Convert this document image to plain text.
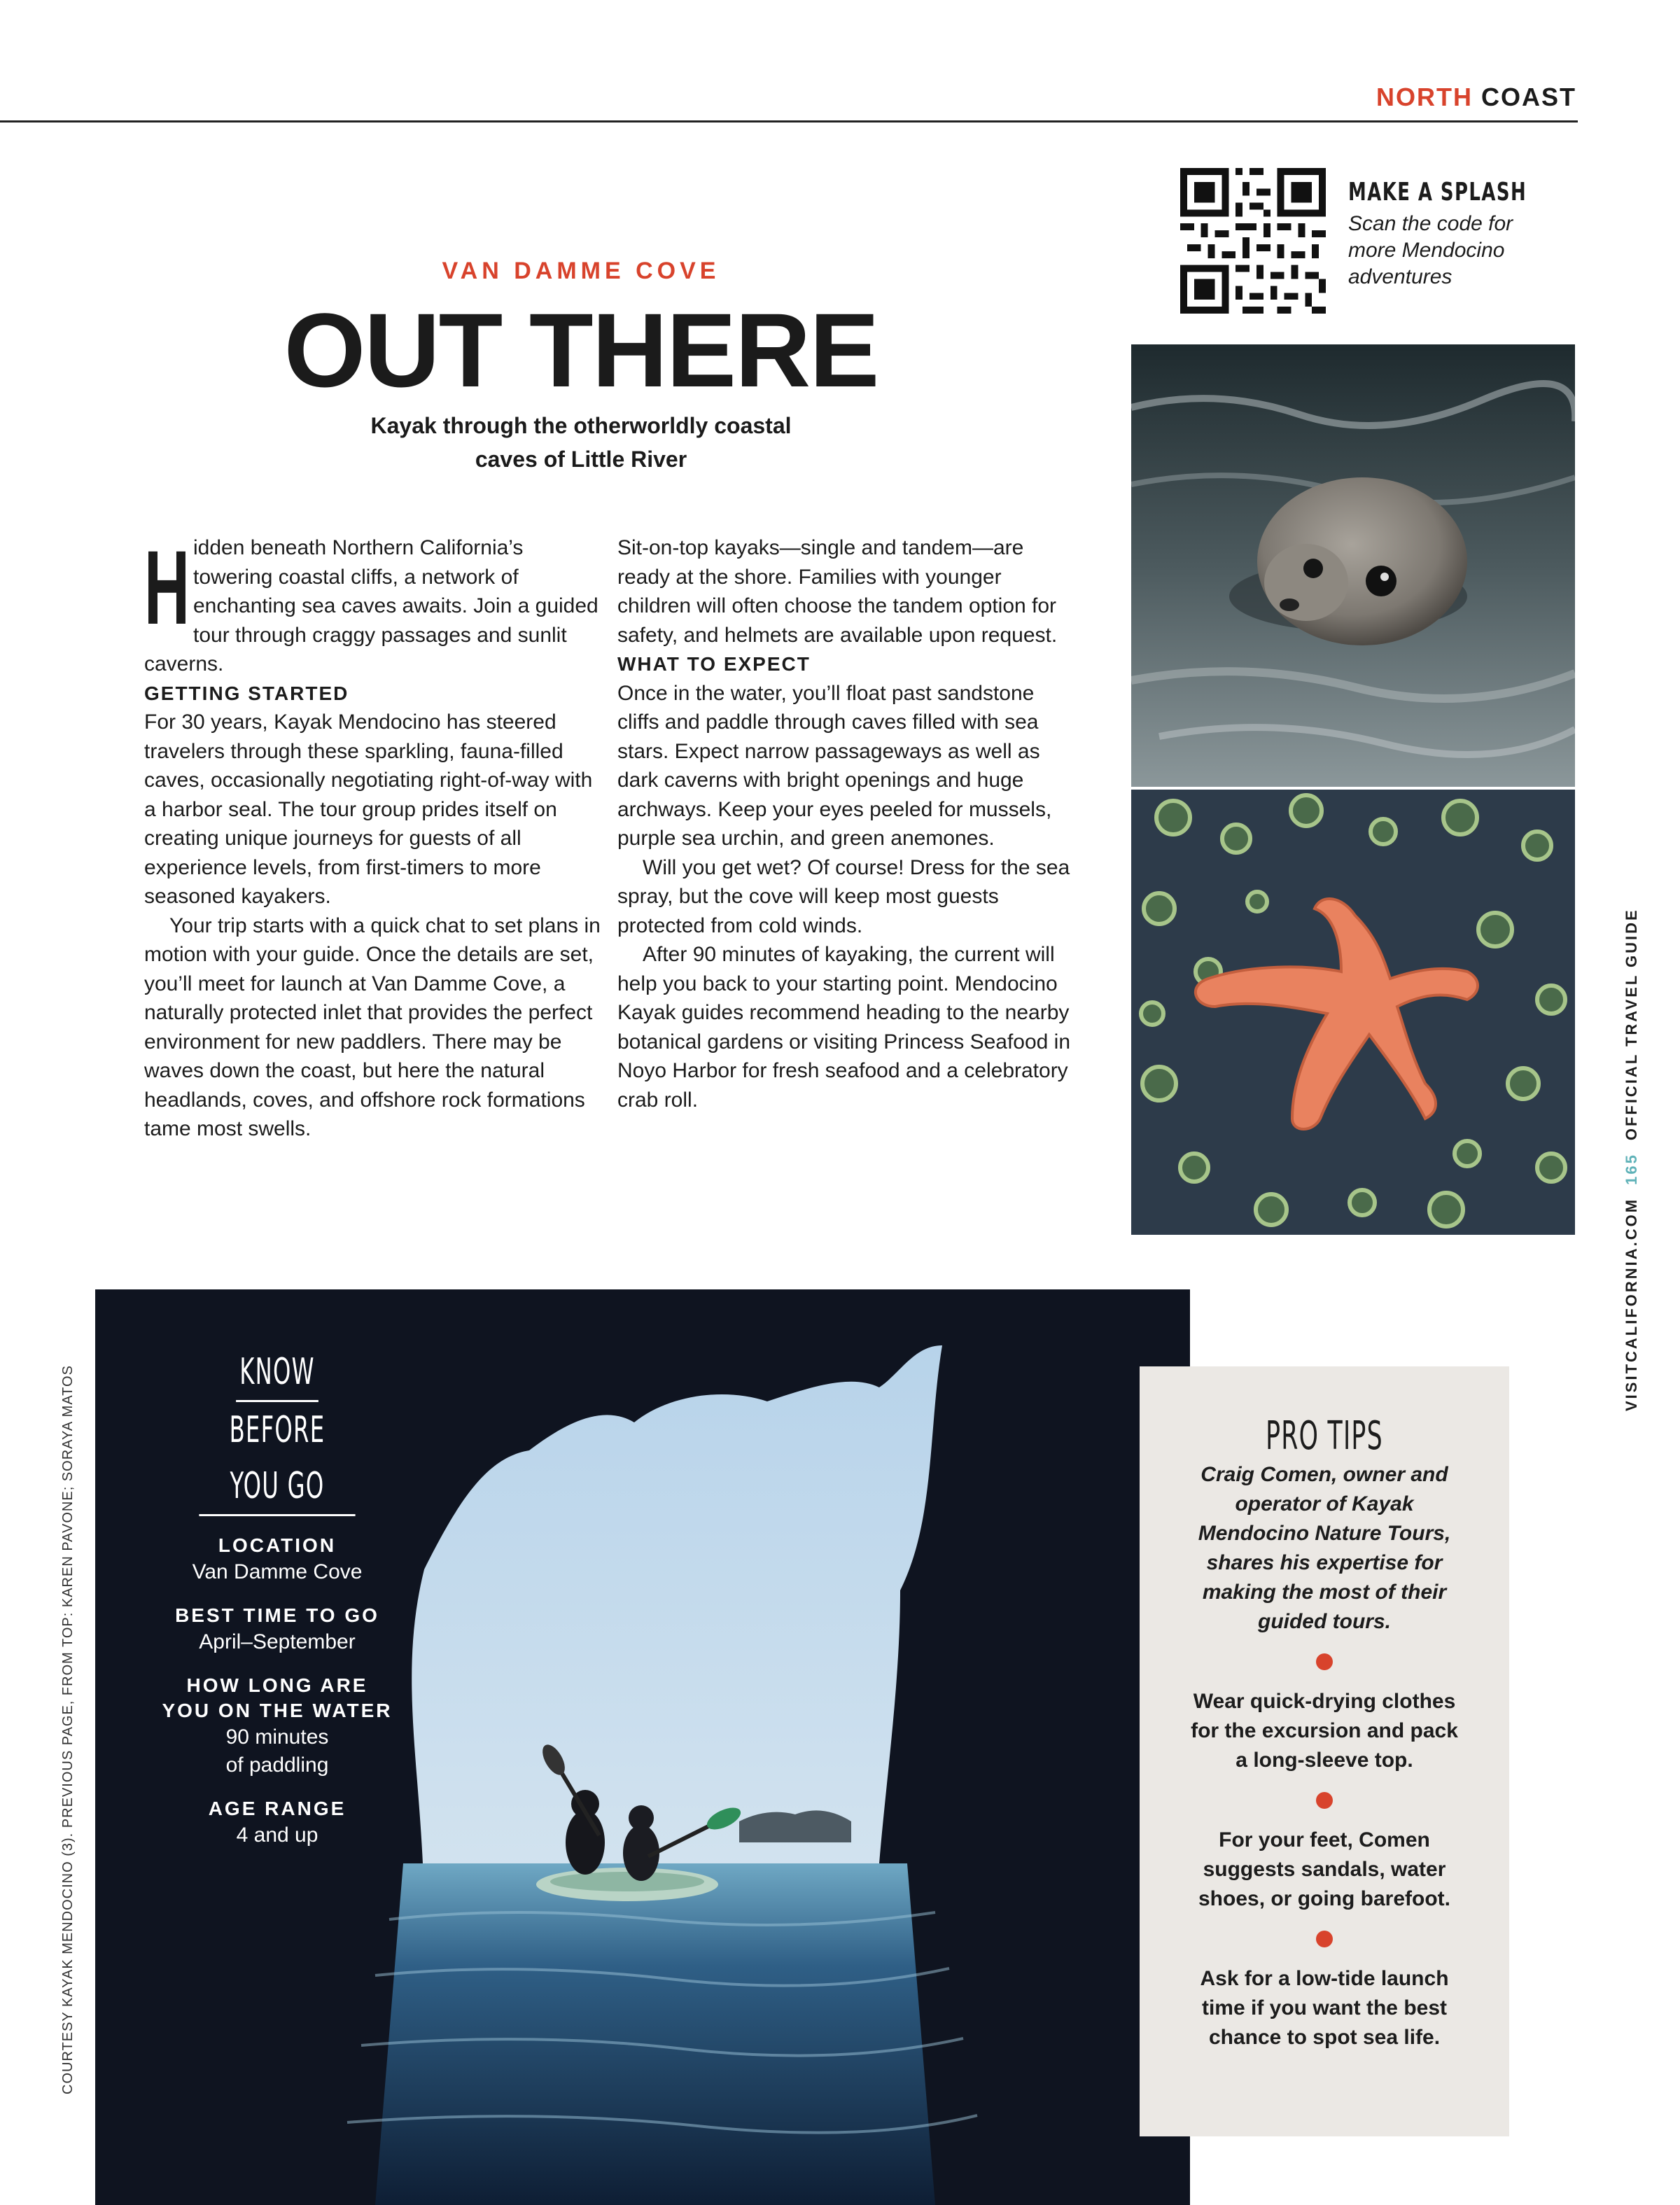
NORTH COAST
MAKE A SPLASH
Scan the code for more Mendocino adventures
VAN DAMME COVE
OUT THERE
Kayak through the otherworldly coastal
caves of Little River

Hidden beneath Northern California’s towering coastal cliffs, a network of enchanting sea caves awaits. Join a guided tour through craggy passages and sunlit caverns.

GETTING STARTED

For 30 years, Kayak Mendocino has steered travelers through these sparkling, fauna-filled caves, occasionally negotiating right-of-way with a harbor seal. The tour group prides itself on creating unique journeys for guests of all experience levels, from first-timers to more seasoned kayakers.

Your trip starts with a quick chat to set plans in motion with your guide. Once the details are set, you’ll meet for launch at Van Damme Cove, a naturally protected inlet that provides the perfect environment for new paddlers. There may be waves down the coast, but here the natural headlands, coves, and offshore rock formations tame most swells.

Sit-on-top kayaks—single and tandem—are ready at the shore. Families with younger children will often choose the tandem option for safety, and helmets are available upon request.

WHAT TO EXPECT

Once in the water, you’ll float past sandstone cliffs and paddle through caves filled with sea stars. Expect narrow passageways as well as dark caverns with bright openings and huge archways. Keep your eyes peeled for mussels, purple sea urchin, and green anemones.

Will you get wet? Of course! Dress for the sea spray, but the cove will keep most guests protected from cold winds.

After 90 minutes of kayaking, the current will help you back to your starting point. Mendocino Kayak guides recommend heading to the nearby botanical gardens or visiting Princess Seafood in Noyo Harbor for fresh seafood and a celebratory crab roll.

VISITCALIFORNIA.COM165OFFICIAL TRAVEL GUIDE
COURTESY KAYAK MENDOCINO (3). PREVIOUS PAGE, FROM TOP: KAREN PAVONE; SORAYA MATOS	KNOW
BEFORE YOU GO
LOCATION
Van Damme Cove
BEST TIME TO GO
April–September
HOW LONG ARE
YOU ON THE WATER
90 minutes
of paddling
AGE RANGE
4 and up
PRO TIPS
Craig Comen, owner and operator of Kayak Mendocino Nature Tours, shares his expertise for making the most of their guided tours.
Wear quick-drying clothes for the excursion and pack a long-sleeve top.
For your feet, Comen suggests sandals, water shoes, or going barefoot.
Ask for a low-tide launch time if you want the best chance to spot sea life.
